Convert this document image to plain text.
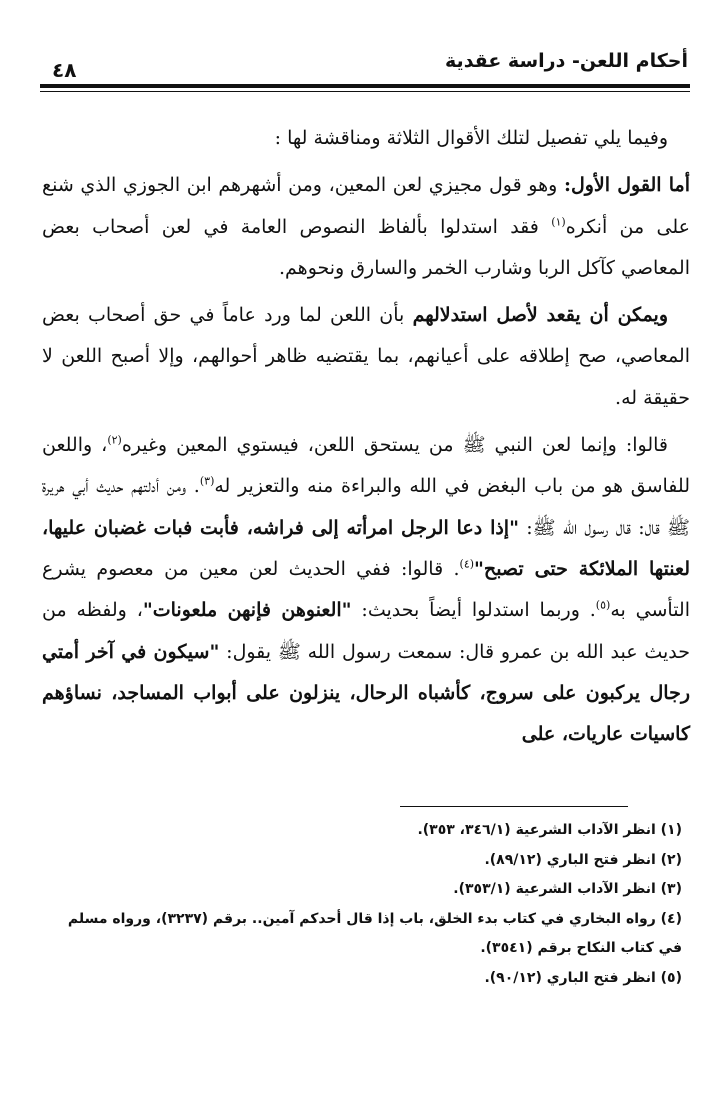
أحكام اللعن- دراسة عقدية
٤٨

وفيما يلي تفصيل لتلك الأقوال الثلاثة ومناقشة لها :

أما القول الأول: وهو قول مجيزي لعن المعين، ومن أشهرهم ابن الجوزي الذي شنع على من أنكره$^{(١)}$ فقد استدلوا بألفاظ النصوص العامة في لعن أصحاب بعض المعاصي كآكل الربا وشارب الخمر والسارق ونحوهم.

ويمكن أن يقعد لأصل استدلالهم بأن اللعن لما ورد عاماً في حق أصحاب بعض المعاصي، صح إطلاقه على أعيانهم، بما يقتضيه ظاهر أحوالهم، وإلا أصبح اللعن لا حقيقة له.

قالوا: وإنما لعن النبي ﷺ من يستحق اللعن، فيستوي المعين وغيره$^{(٢)}$، واللعن للفاسق هو من باب البغض في الله والبراءة منه والتعزير له$^{(٣)}$. ومن أدلتهم حديث أبي هريرة ﷺ قال: قال رسول الله ﷺ: "إذا دعا الرجل امرأته إلى فراشه، فأبت فبات غضبان عليها، لعنتها الملائكة حتى تصبح"$^{(٤)}$. قالوا: ففي الحديث لعن معين من معصوم يشرع التأسي به$^{(٥)}$. وربما استدلوا أيضاً بحديث: "العنوهن فإنهن ملعونات"، ولفظه من حديث عبد الله بن عمرو قال: سمعت رسول الله ﷺ يقول: "سيكون في آخر أمتي رجال يركبون على سروج، كأشباه الرحال، ينزلون على أبواب المساجد، نساؤهم كاسيات عاريات، على

(١) انظر الآداب الشرعية (٣٤٦/١، ٣٥٣).
(٢) انظر فتح الباري (٨٩/١٢).
(٣) انظر الآداب الشرعية (٣٥٣/١).
(٤) رواه البخاري في كتاب بدء الخلق، باب إذا قال أحدكم آمين.. برقم (٣٢٣٧)، ورواه مسلم في كتاب النكاح برقم (٣٥٤١).
(٥) انظر فتح الباري (٩٠/١٢).
